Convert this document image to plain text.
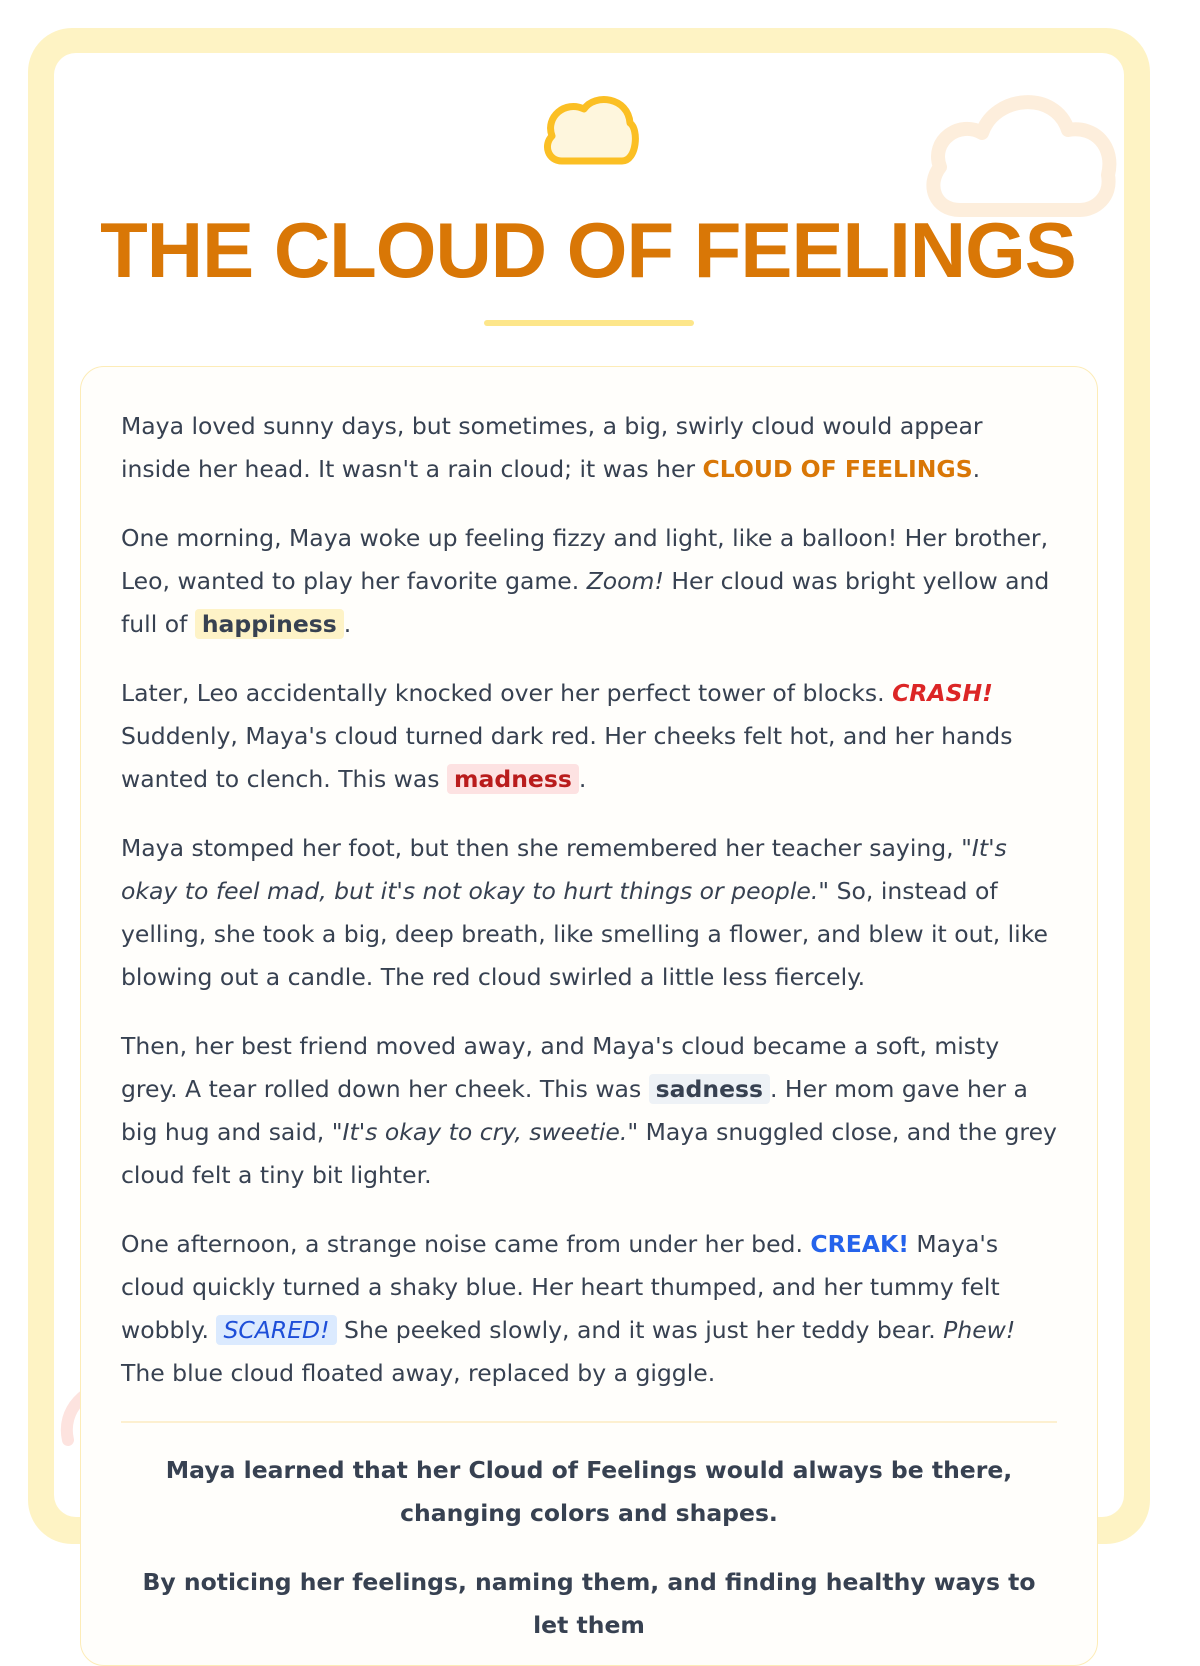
THE CLOUD OF FEELINGS

Maya loved sunny days, but sometimes, a big, swirly cloud would appear inside her head. It wasn't a rain cloud; it was her CLOUD OF FEELINGS.

One morning, Maya woke up feeling fizzy and light, like a balloon! Her brother, Leo, wanted to play her favorite game. Zoom! Her cloud was bright yellow and full of happiness .

Later, Leo accidentally knocked over her perfect tower of blocks. CRASH! Suddenly, Maya's cloud turned dark red. Her cheeks felt hot, and her hands wanted to clench. This was madness .

Maya stomped her foot, but then she remembered her teacher saying, "It's okay to feel mad, but it's not okay to hurt things or people." So, instead of yelling, she took a big, deep breath, like smelling a flower, and blew it out, like blowing out a candle. The red cloud swirled a little less fiercely.

Then, her best friend moved away, and Maya's cloud became a soft, misty grey. A tear rolled down her cheek. This was sadness . Her mom gave her a big hug and said, "It's okay to cry, sweetie." Maya snuggled close, and the grey cloud felt a tiny bit lighter.

One afternoon, a strange noise came from under her bed. CREAK! Maya's cloud quickly turned a shaky blue. Her heart thumped, and her tummy felt wobbly. SCARED! She peeked slowly, and it was just her teddy bear. Phew! The blue cloud floated away, replaced by a giggle.

Maya learned that her Cloud of Feelings would always be there, changing colors and shapes.

By noticing her feelings, naming them, and finding healthy ways to let them
